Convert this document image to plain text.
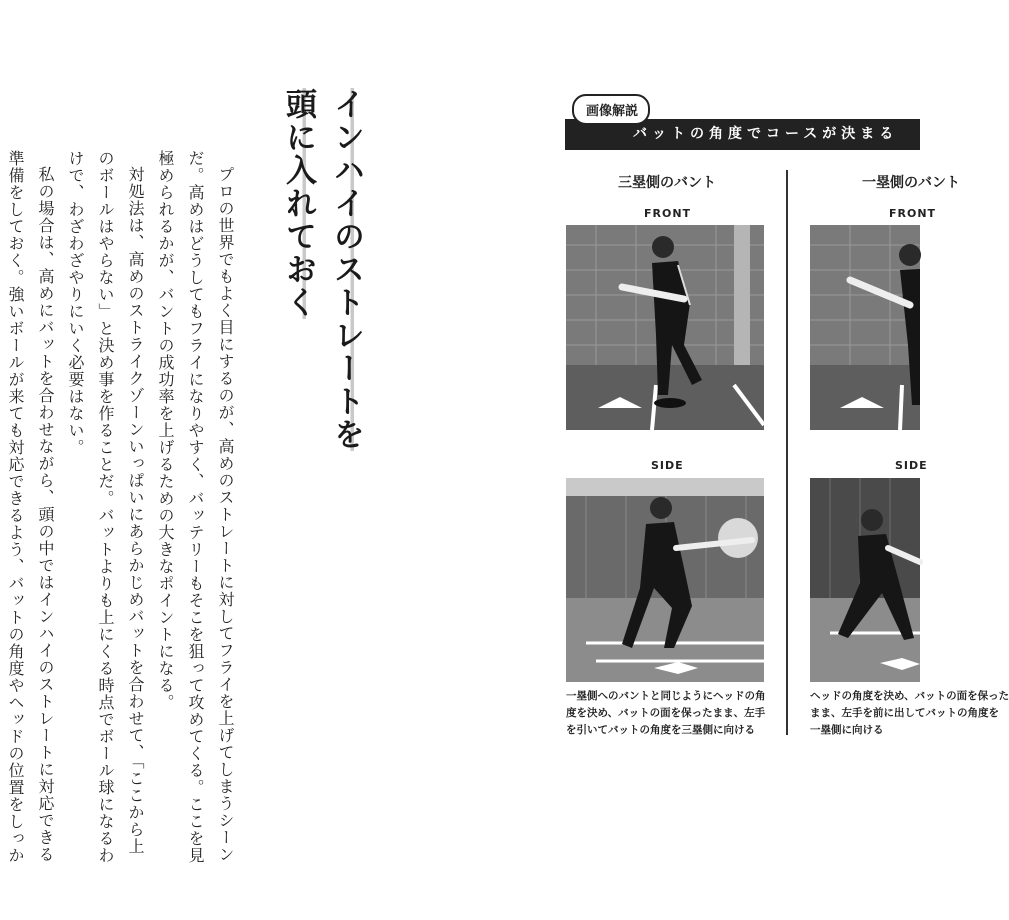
プロの世界でもよく目にするのが、高めのストレートに対してフライを上げてしまうシーンだ。高めはどうしてもフライになりやすく、バッテリーもそこを狙って攻めてくる。ここを見極められるかが、バントの成功率を上げるための大きなポイントになる。

対処法は、高めのストライクゾーンいっぱいにあらかじめバットを合わせて、「ここから上のボールはやらない」と決め事を作ることだ。バットよりも上にくる時点でボール球になるわけで、わざわざやりにいく必要はない。

私の場合は、高めにバットを合わせながら、頭の中ではインハイのストレートに対応できる準備をしておく。強いボールが来ても対応できるよう、バットの角度やヘッドの位置をしっか

インハイのストレートを
頭に入れておく	画像解説
バットの角度でコースが決まる
三塁側のバント
FRONT
SIDE
一塁側へのバントと同じようにヘッドの角
度を決め、バットの面を保ったまま、左手
を引いてバットの角度を三塁側に向ける
一塁側のバント
FRONT
SIDE
ヘッドの角度を決め、バットの面を保った
まま、左手を前に出してバットの角度を
一塁側に向ける
